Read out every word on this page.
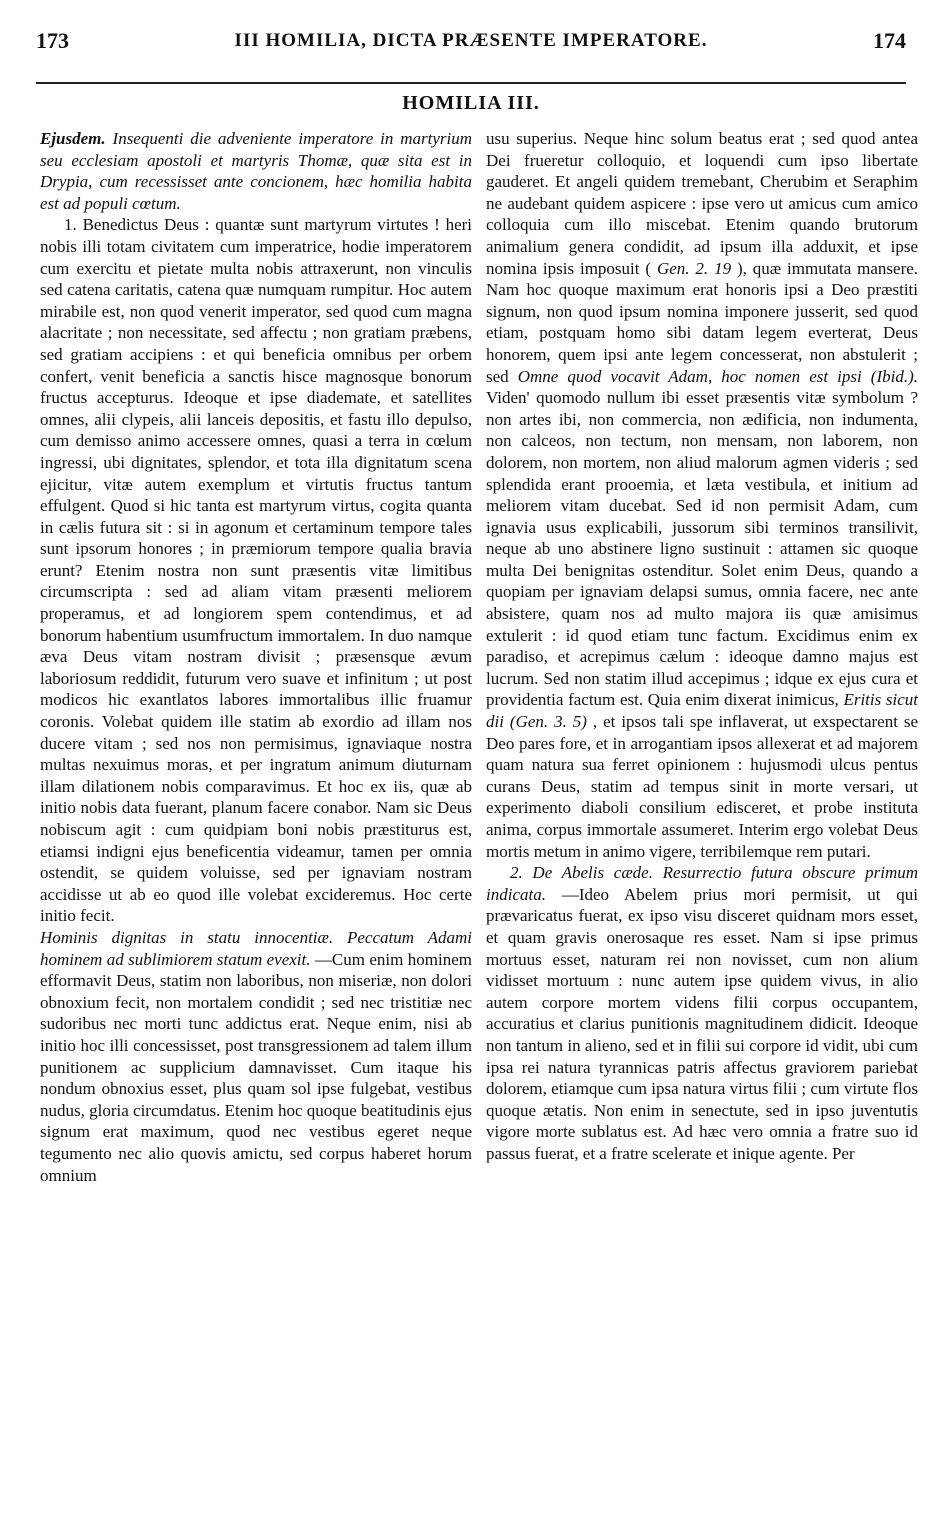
173	III HOMILIA, DICTA PRÆSENTE IMPERATORE.	174
HOMILIA III.

Ejusdem. Insequenti die adveniente imperatore in martyrium seu ecclesiam apostoli et martyris Thomæ, quæ sita est in Drypia, cum recessisset ante concionem, hæc homilia habita est ad populi cœtum.

1. Benedictus Deus : quantæ sunt martyrum virtutes ! heri nobis illi totam civitatem cum imperatrice, hodie imperatorem cum exercitu et pietate multa nobis attraxerunt, non vinculis sed catena caritatis, catena quæ numquam rumpitur. Hoc autem mirabile est, non quod venerit imperator, sed quod cum magna alacritate ; non necessitate, sed affectu ; non gratiam præbens, sed gratiam accipiens : et qui beneficia omnibus per orbem confert, venit beneficia a sanctis hisce magnosque bonorum fructus accepturus. Ideoque et ipse diadematе, et satellites omnes, alii clypeis, alii lanceis depositis, et fastu illo depulso, cum demisso animo accessere omnes, quasi a terra in cœlum ingressi, ubi dignitates, splendor, et tota illa dignitatum scena ejicitur, vitæ autem exemplum et virtutis fructus tantum effulgent. Quod si hic tanta est martyrum virtus, cogita quanta in cælis futura sit : si in agonum et certaminum tempore tales sunt ipsorum honores ; in præmiorum tempore qualia bravia erunt? Etenim nostra non sunt præsentis vitæ limitibus circumscripta : sed ad aliam vitam præsenti meliorem properamus, et ad longiorem spem contendimus, et ad bonorum habentium usumfructum immortalem. In duo namque æva Deus vitam nostram divisit ; præsensque ævum laboriosum reddidit, futurum vero suave et infinitum ; ut post modicos hic exantlatos labores immortalibus illic fruamur coronis. Volebat quidem ille statim ab exordio ad illam nos ducere vitam ; sed nos non permisimus, ignaviaque nostra multas nexuimus moras, et per ingratum animum diuturnam illam dilationem nobis comparavimus. Et hoc ex iis, quæ ab initio nobis data fuerant, planum facere conabor. Nam sic Deus nobiscum agit : cum quidpiam boni nobis præstiturus est, etiamsi indigni ejus beneficentia videamur, tamen per omnia ostendit, se quidem voluisse, sed per ignaviam nostram accidisse ut ab eo quod ille volebat excideremus. Hoc certe initio fecit.

Hominis dignitas in statu innocentiæ. Peccatum Adami hominem ad sublimiorem statum evexit. —Cum enim hominem efformavit Deus, statim non laboribus, non miseriæ, non dolori obnoxium fecit, non mortalem condidit ; sed nec tristitiæ nec sudoribus nec morti tunc addictus erat. Neque enim, nisi ab initio hoc illi concessisset, post transgressionem ad talem illum punitionem ac supplicium damnavisset. Cum itaque his nondum obnoxius esset, plus quam sol ipse fulgebat, vestibus nudus, gloria circumdatus. Etenim hoc quoque beatitudinis ejus signum erat maximum, quod nec vestibus egeret neque tegumento nec alio quovis amictu, sed corpus haberet horum omnium

usu superius. Neque hinc solum beatus erat ; sed quod antea Dei frueretur colloquio, et loquendi cum ipso libertate gauderet. Et angeli quidem tremebant, Cherubim et Seraphim ne audebant quidem aspicere : ipse vero ut amicus cum amico colloquia cum illo miscebat. Etenim quando brutorum animalium genera condidit, ad ipsum illa adduxit, et ipse nomina ipsis imposuit ( Gen. 2. 19 ), quæ immutata mansere. Nam hoc quoque maximum erat honoris ipsi a Deo præstiti signum, non quod ipsum nomina imponere jusserit, sed quod etiam, postquam homo sibi datam legem everterat, Deus honorem, quem ipsi ante legem concesserat, non abstulerit ; sed Omne quod vocavit Adam, hoc nomen est ipsi (Ibid.). Viden' quomodo nullum ibi esset præsentis vitæ symbolum ? non artes ibi, non commercia, non ædificia, non indumenta, non calceos, non tectum, non mensam, non laborem, non dolorem, non mortem, non aliud malorum agmen videris ; sed splendida erant prooemia, et læta vestibula, et initium ad meliorem vitam ducebat. Sed id non permisit Adam, cum ignavia usus explicabili, jussorum sibi terminos transilivit, neque ab uno abstinere ligno sustinuit : attamen sic quoque multa Dei benignitas ostenditur. Solet enim Deus, quando a quopiam per ignaviam delapsi sumus, omnia facere, nec ante absistere, quam nos ad multo majora iis quæ amisimus extulerit : id quod etiam tunc factum. Excidimus enim ex paradiso, et acrepimus cælum : ideoque damno majus est lucrum. Sed non statim illud accepimus ; idque ex ejus cura et providentia factum est. Quia enim dixerat inimicus, Eritis sicut dii (Gen. 3. 5) , et ipsos tali spe inflaverat, ut exspectarent se Deo pares fore, et in arrogantiam ipsos allexerat et ad majorem quam natura sua ferret opinionem : hujusmodi ulcus pentus curans Deus, statim ad tempus sinit in morte versari, ut experimento diaboli consilium edisceret, et probe instituta anima, corpus immortale assumeret. Interim ergo volebat Deus mortis metum in animo vigere, terribilemque rem putari.

2. De Abelis cæde. Resurrectio futura obscure primum indicata. —Ideo Abelem prius mori permisit, ut qui prævaricatus fuerat, ex ipso visu disceret quidnam mors esset, et quam gravis onerosaque res esset. Nam si ipse primus mortuus esset, naturam rei non novisset, cum non alium vidisset mortuum : nunc autem ipse quidem vivus, in alio autem corpore mortem videns filii corpus occupantem, accuratius et clarius punitionis magnitudinem didicit. Ideoque non tantum in alieno, sed et in filii sui corpore id vidit, ubi cum ipsa rei natura tyrannicas patris affectus graviorem pariebat dolorem, etiamque cum ipsa natura virtus filii ; cum virtute flos quoque ætatis. Non enim in senectute, sed in ipso juventutis vigore morte sublatus est. Ad hæc vero omnia a fratre suo id passus fuerat, et a fratre scelerate et inique agente. Per
